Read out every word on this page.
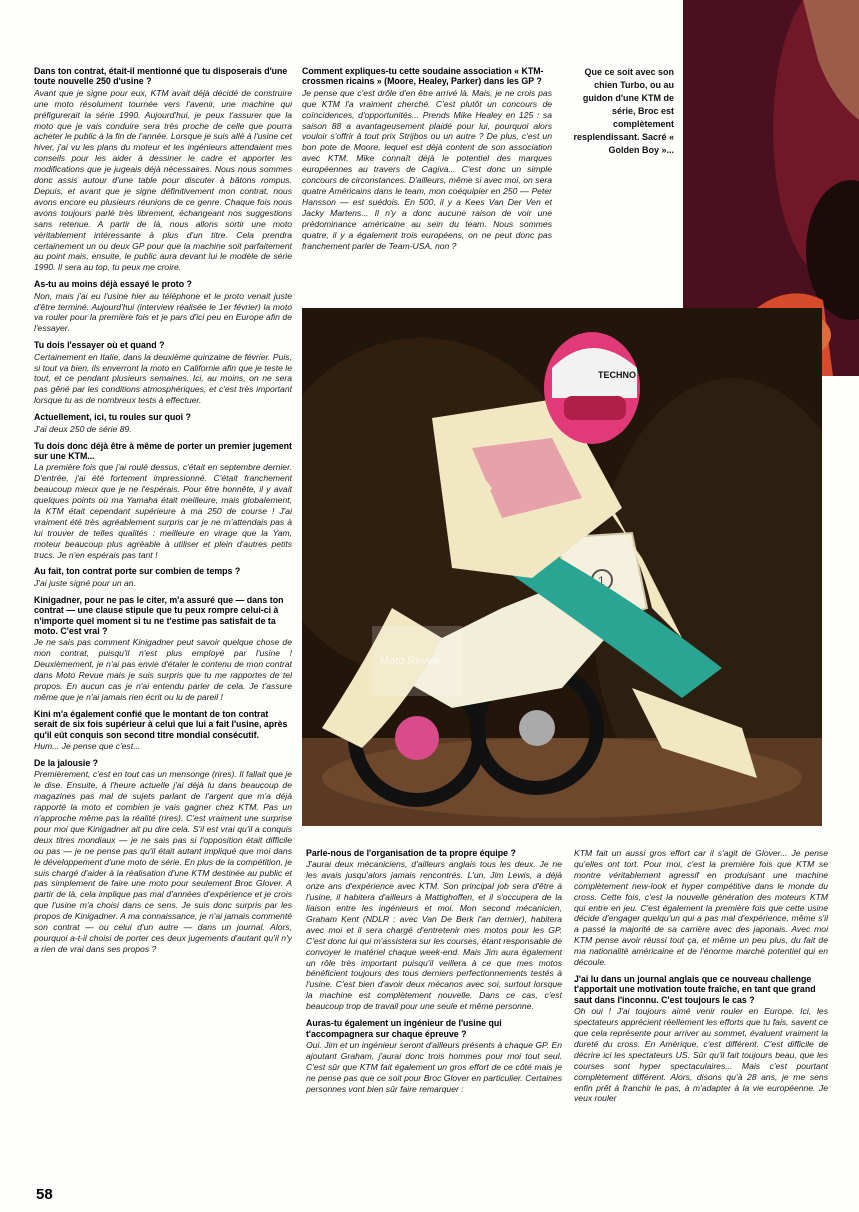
Que ce soit avec son chien Turbo, ou au guidon d'une KTM de série, Broc est complètement resplendissant. Sacré « Golden Boy »...
Dans ton contrat, était-il mentionné que tu disposerais d'une toute nouvelle 250 d'usine ?

Avant que je signe pour eux, KTM avait déjà décidé de construire une moto résolument tournée vers l'avenir, une machine qui préfigurerait la série 1990. Aujourd'hui, je peux t'assurer que la moto que je vais conduire sera très proche de celle que pourra acheter le public à la fin de l'année. Lorsque je suis allé à l'usine cet hiver, j'ai vu les plans du moteur et les ingénieurs attendaient mes conseils pour les aider à dessiner le cadre et apporter les modifications que je jugeais déjà nécessaires. Nous nous sommes donc assis autour d'une table pour discuter à bâtons rompus. Depuis, et avant que je signe définitivement mon contrat, nous avons encore eu plusieurs réunions de ce genre. Chaque fois nous avons toujours parlé très librement, échangeant nos suggestions sans retenue. A partir de là, nous allons sortir une moto véritablement intéressante à plus d'un titre. Cela prendra certainement un ou deux GP pour que la machine soit parfaitement au point mais, ensuite, le public aura devant lui le modèle de série 1990. Il sera au top, tu peux me croire.

As-tu au moins déjà essayé le proto ?

Non, mais j'ai eu l'usine hier au téléphone et le proto venait juste d'être terminé. Aujourd'hui (interview réalisée le 1er février) la moto va rouler pour la première fois et je pars d'ici peu en Europe afin de l'essayer.

Tu dois l'essayer où et quand ?

Certainement en Italie, dans la deuxième quinzaine de février. Puis, si tout va bien, ils enverront la moto en Californie afin que je teste le tout, et ce pendant plusieurs semaines. Ici, au moins, on ne sera pas gêné par les conditions atmosphériques, et c'est très important lorsque tu as de nombreux tests à effectuer.

Actuellement, ici, tu roules sur quoi ?

J'ai deux 250 de série 89.

Tu dois donc déjà être à même de porter un premier jugement sur une KTM...

La première fois que j'ai roulé dessus, c'était en septembre dernier. D'entrée, j'ai été fortement impressionné. C'était franchement beaucoup mieux que je ne l'espérais. Pour être honnête, il y avait quelques points où ma Yamaha était meilleure, mais globalement, la KTM était cependant supérieure à ma 250 de course ! J'ai vraiment été très agréablement surpris car je ne m'attendais pas à lui trouver de telles qualités : meilleure en virage que la Yam, moteur beaucoup plus agréable à utiliser et plein d'autres petits trucs. Je n'en espérais pas tant !

Au fait, ton contrat porte sur combien de temps ?

J'ai juste signé pour un an.

Kinigadner, pour ne pas le citer, m'a assuré que — dans ton contrat — une clause stipule que tu peux rompre celui-ci à n'importe quel moment si tu ne t'estime pas satisfait de ta moto. C'est vrai ?

Je ne sais pas comment Kinigadner peut savoir quelque chose de mon contrat, puisqu'il n'est plus employé par l'usine ! Deuxièmement, je n'ai pas envie d'étaler le contenu de mon contrat dans Moto Revue mais je suis surpris que tu me rapportes de tel propos. En aucun cas je n'ai entendu parler de cela. Je t'assure même que je n'ai jamais rien écrit ou lu de pareil !

Kini m'a également confié que le montant de ton contrat serait de six fois supérieur à celui que lui a fait l'usine, après qu'il eût conquis son second titre mondial consécutif.

Hum... Je pense que c'est...

De la jalousie ?

Premièrement, c'est en tout cas un mensonge (rires). Il fallait que je le dise. Ensuite, à l'heure actuelle j'ai déjà lu dans beaucoup de magazines pas mal de sujets parlant de l'argent que m'a déjà rapporté la moto et combien je vais gagner chez KTM. Pas un n'approche même pas la réalité (rires). C'est vraiment une surprise pour moi que Kinigadner ait pu dire cela. S'il est vrai qu'il a conquis deux titres mondiaux — je ne sais pas si l'opposition était difficile ou pas — je ne pense pas qu'il était autant impliqué que moi dans le développement d'une moto de série. En plus de la compétition, je suis chargé d'aider à la réalisation d'une KTM destinée au public et pas simplement de faire une moto pour seulement Broc Glover. A partir de là, cela implique pas mal d'années d'expérience et je crois que l'usine m'a choisi dans ce sens. Je suis donc surpris par les propos de Kinigadner. A ma connaissance, je n'ai jamais commenté son contrat — ou celui d'un autre — dans un journal. Alors, pourquoi a-t-il choisi de porter ces deux jugements d'autant qu'il n'y a rien de vrai dans ses propos ?

Comment expliques-tu cette soudaine association « KTM-crossmen ricains » (Moore, Healey, Parker) dans les GP ?

Je pense que c'est drôle d'en être arrivé là. Mais, je ne crois pas que KTM l'a vraiment cherché. C'est plutôt un concours de coïncidences, d'opportunités... Prends Mike Healey en 125 : sa saison 88 a avantageusement plaidé pour lui, pourquoi alors vouloir s'offrir à tout prix Strijbos ou un autre ? De plus, c'est un bon pote de Moore, lequel est déjà content de son association avec KTM. Mike connaît déjà le potentiel des marques européennes au travers de Cagiva... C'est donc un simple concours de circonstances. D'ailleurs, même si avec moi, on sera quatre Américains dans le team, mon coéquipier en 250 — Peter Hansson — est suédois. En 500, il y a Kees Van Der Ven et Jacky Martens... Il n'y a donc aucune raison de voir une prédominance américaine au sein du team. Nous sommes quatre, il y a également trois européens, on ne peut donc pas franchement parler de Team-USA, non ?

1
TECHNO
Moto Revue
Parle-nous de l'organisation de ta propre équipe ?

J'aurai deux mécaniciens, d'ailleurs anglais tous les deux. Je ne les avais jusqu'alors jamais rencontrés. L'un, Jim Lewis, a déjà onze ans d'expérience avec KTM. Son principal job sera d'être à l'usine, il habitera d'ailleurs à Mattighoffen, et il s'occupera de la liaison entre les ingénieurs et moi. Mon second mécanicien, Graham Kent (NDLR : avec Van De Berk l'an dernier), habitera avec moi et il sera chargé d'entretenir mes motos pour les GP. C'est donc lui qui m'assistera sur les courses, étant responsable de convoyer le matériel chaque week-end. Mais Jim aura également un rôle très important puisqu'il veillera à ce que mes motos bénéficient toujours des tous derniers perfectionnements testés à l'usine. C'est bien d'avoir deux mécanos avec soi, surtout lorsque la machine est complètement nouvelle. Dans ce cas, c'est beaucoup trop de travail pour une seule et même personne.

Auras-tu également un ingénieur de l'usine qui t'accompagnera sur chaque épreuve ?

Oui. Jim et un ingénieur seront d'ailleurs présents à chaque GP. En ajoutant Graham, j'aurai donc trois hommes pour moi tout seul. C'est sûr que KTM fait également un gros effort de ce côté mais je ne pense pas que ce soit pour Broc Glover en particulier. Certaines personnes vont bien sûr faire remarquer :

KTM fait un aussi gros effort car il s'agit de Glover... Je pense qu'elles ont tort. Pour moi, c'est la première fois que KTM se montre véritablement agressif en produisant une machine complètement new-look et hyper compétitive dans le monde du cross. Cette fois, c'est la nouvelle génération des moteurs KTM qui entre en jeu. C'est également la première fois que cette usine décide d'engager quelqu'un qui a pas mal d'expérience, même s'il a passé la majorité de sa carrière avec des japonais. Avec moi KTM pense avoir réussi tout ça, et même un peu plus, du fait de ma nationalité américaine et de l'énorme marché potentiel qui en découle.

J'ai lu dans un journal anglais que ce nouveau challenge t'apportait une motivation toute fraîche, en tant que grand saut dans l'inconnu. C'est toujours le cas ?

Oh oui ! J'ai toujours aimé venir rouler en Europe. Ici, les spectateurs apprécient réellement les efforts que tu fais, savent ce que cela représente pour arriver au sommet, évaluent vraiment la dureté du cross. En Amérique, c'est différent. C'est difficile de décrire ici les spectateurs US. Sûr qu'il fait toujours beau, que les courses sont hyper spectaculaires... Mais c'est pourtant complètement différent. Alors, disons qu'à 28 ans, je me sens enfin prêt à franchir le pas, à m'adapter à la vie européenne. Je veux rouler

58
